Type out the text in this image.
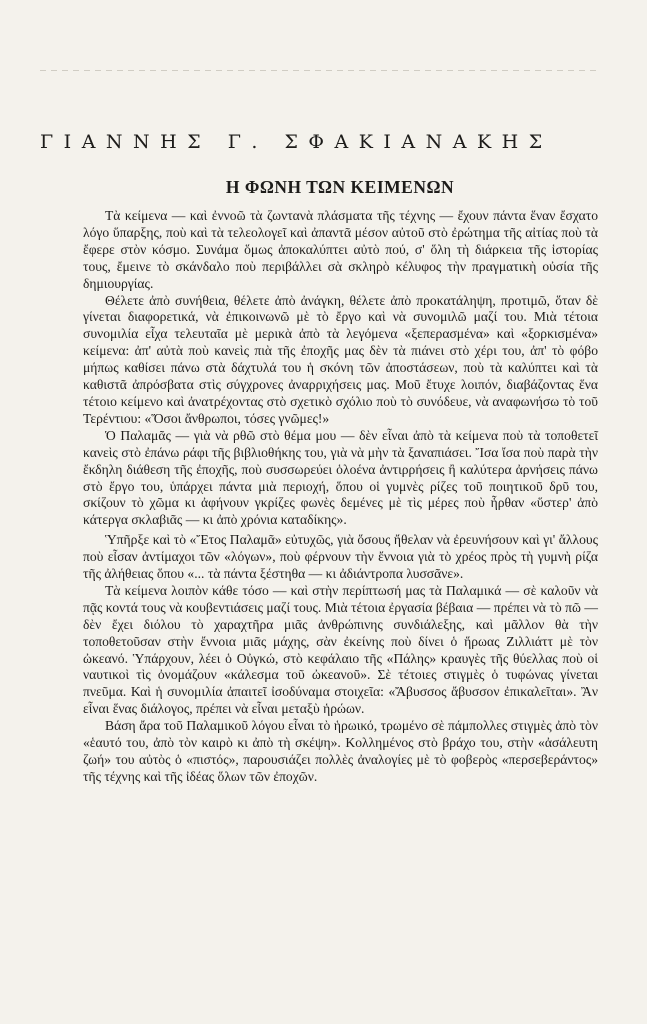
ΓΙΑΝΝΗΣ Γ. ΣΦΑΚΙΑΝΑΚΗΣ
Η ΦΩΝΗ ΤΩΝ ΚΕΙΜΕΝΩΝ

Τὰ κείμενα — καὶ ἐννοῶ τὰ ζωντανὰ πλάσματα τῆς τέχνης — ἔχουν πάντα ἕναν ἔσχατο λόγο ὕπαρξης, ποὺ καὶ τὰ τελεολογεῖ καὶ ἀπαντᾶ μέσον αὐτοῦ στὸ ἐρώτημα τῆς αἰτίας ποὺ τὰ ἔφερε στὸν κόσμο. Συνάμα ὅμως ἀποκαλύπτει αὐτὸ πού, σ' ὅλη τὴ διάρκεια τῆς ἱστορίας τους, ἔμεινε τὸ σκάνδαλο ποὺ περιβάλλει σὰ σκληρὸ κέλυφος τὴν πραγματικὴ οὐσία τῆς δημιουργίας.

Θέλετε ἀπὸ συνήθεια, θέλετε ἀπὸ ἀνάγκη, θέλετε ἀπὸ προκατάληψη, προτιμῶ, ὅταν δὲ γίνεται διαφορετικά, νὰ ἐπικοινωνῶ μὲ τὸ ἔργο καὶ νὰ συνομιλῶ μαζί του. Μιὰ τέτοια συνομιλία εἶχα τελευταῖα μὲ μερικὰ ἀπὸ τὰ λεγόμενα «ξεπερασμένα» καὶ «ξορκισμένα» κείμενα: ἀπ' αὐτὰ ποὺ κανεὶς πιὰ τῆς ἐποχῆς μας δὲν τὰ πιάνει στὸ χέρι του, ἀπ' τὸ φόβο μήπως καθίσει πάνω στὰ δάχτυλά του ἡ σκόνη τῶν ἀποστάσεων, ποὺ τὰ καλύπτει καὶ τὰ καθιστᾶ ἀπρόσβατα στὶς σύγχρονες ἀναρριχήσεις μας. Μοῦ ἔτυχε λοιπόν, διαβάζοντας ἕνα τέτοιο κείμενο καὶ ἀνατρέχοντας στὸ σχετικὸ σχόλιο ποὺ τὸ συνόδευε, νὰ αναφωνήσω τὸ τοῦ Τερέντιου: «Ὅσοι ἄνθρωποι, τόσες γνῶμες!»

Ὁ Παλαμᾶς — γιὰ νὰ ρθῶ στὸ θέμα μου — δὲν εἶναι ἀπὸ τὰ κείμενα ποὺ τὰ τοποθετεῖ κανεὶς στὸ ἐπάνω ράφι τῆς βιβλιοθήκης του, γιὰ νὰ μὴν τὰ ξαναπιάσει. Ἴσα ἴσα ποὺ παρὰ τὴν ἔκδηλη διάθεση τῆς ἐποχῆς, ποὺ συσσωρεύει ὁλοένα ἀντιρρήσεις ἢ καλύτερα ἀρνήσεις πάνω στὸ ἔργο του, ὑπάρχει πάντα μιὰ περιοχή, ὅπου οἱ γυμνὲς ρίζες τοῦ ποιητικοῦ δρῦ του, σκίζουν τὸ χῶμα κι ἀφήνουν γκρίζες φωνὲς δεμένες μὲ τὶς μέρες ποὺ ἦρθαν «ὕστερ' ἀπὸ κάτεργα σκλαβιᾶς — κι ἀπὸ χρόνια καταδίκης».

Ὑπῆρξε καὶ τὸ «Ἔτος Παλαμᾶ» εὐτυχῶς, γιὰ ὅσους ἤθελαν νὰ ἐρευνήσουν καὶ γι' ἄλλους ποὺ εἶσαν ἀντίμαχοι τῶν «λόγων», ποὺ φέρνουν τὴν ἔννοια γιὰ τὸ χρέος πρὸς τὴ γυμνὴ ρίζα τῆς ἀλήθειας ὅπου «... τὰ πάντα ξέστηθα — κι ἀδιάντροπα λυσσᾶνε».

Τὰ κείμενα λοιπὸν κάθε τόσο — καὶ στὴν περίπτωσή μας τὰ Παλαμικά — σὲ καλοῦν νὰ πᾷς κοντά τους νὰ κουβεντιάσεις μαζί τους. Μιὰ τέτοια ἐργασία βέβαια — πρέπει νὰ τὸ πῶ — δὲν ἔχει διόλου τὸ χαραχτῆρα μιᾶς ἀνθρώπινης συνδιάλεξης, καὶ μᾶλλον θὰ τὴν τοποθετοῦσαν στὴν ἔννοια μιᾶς μάχης, σὰν ἐκείνης ποὺ δίνει ὁ ἥρωας Ζιλλιάττ μὲ τὸν ὠκεανό. Ὑπάρχουν, λέει ὁ Οὐγκώ, στὸ κεφάλαιο τῆς «Πάλης» κραυγὲς τῆς θύελλας ποὺ οἱ ναυτικοὶ τὶς ὀνομάζουν «κάλεσμα τοῦ ὠκεανοῦ». Σὲ τέτοιες στιγμὲς ὁ τυφώνας γίνεται πνεῦμα. Καὶ ἡ συνομιλία ἀπαιτεῖ ἰσοδύναμα στοιχεῖα: «Ἄβυσσος ἄβυσσον ἐπικαλεῖται». Ἂν εἶναι ἕνας διάλογος, πρέπει νὰ εἶναι μεταξὺ ἡρώων.

Βάση ἄρα τοῦ Παλαμικοῦ λόγου εἶναι τὸ ἡρωικό, τρωμένο σὲ πάμπολλες στιγμὲς ἀπὸ τὸν «ἑαυτό του, ἀπὸ τὸν καιρὸ κι ἀπὸ τὴ σκέψη». Κολλημένος στὸ βράχο του, στὴν «ἀσάλευτη ζωή» του αὐτὸς ὁ «πιστός», παρουσιάζει πολλὲς ἀναλογίες μὲ τὸ φοβερὸς «περσεβεράντος» τῆς τέχνης καὶ τῆς ἰδέας ὅλων τῶν ἐποχῶν.
